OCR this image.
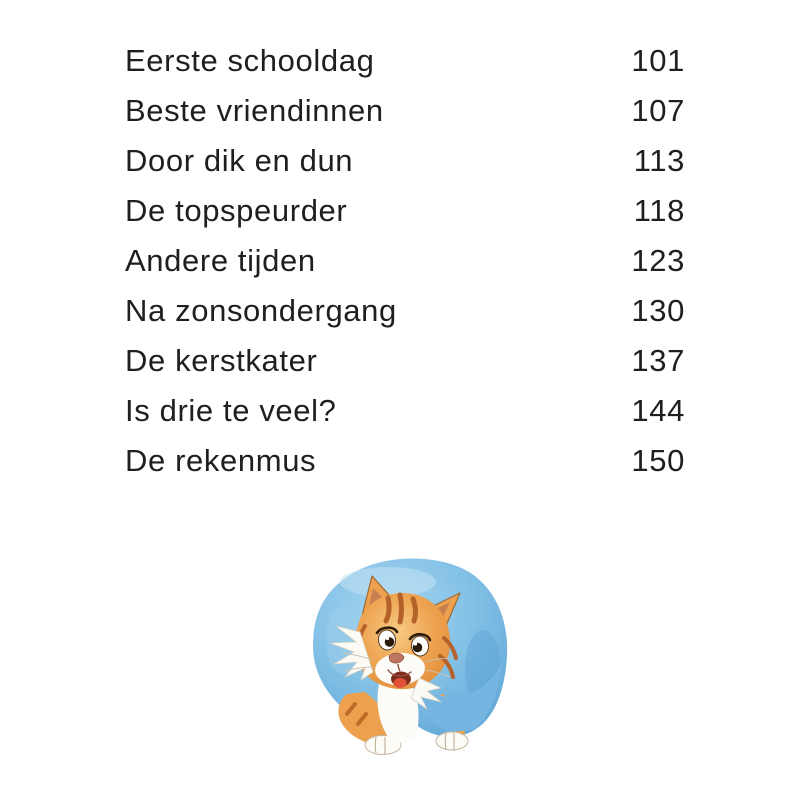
Eerste schooldag	101
Beste vriendinnen	107
Door dik en dun	113
De topspeurder	118
Andere tijden	123
Na zonsondergang	130
De kerstkater	137
Is drie te veel?	144
De rekenmus	150
